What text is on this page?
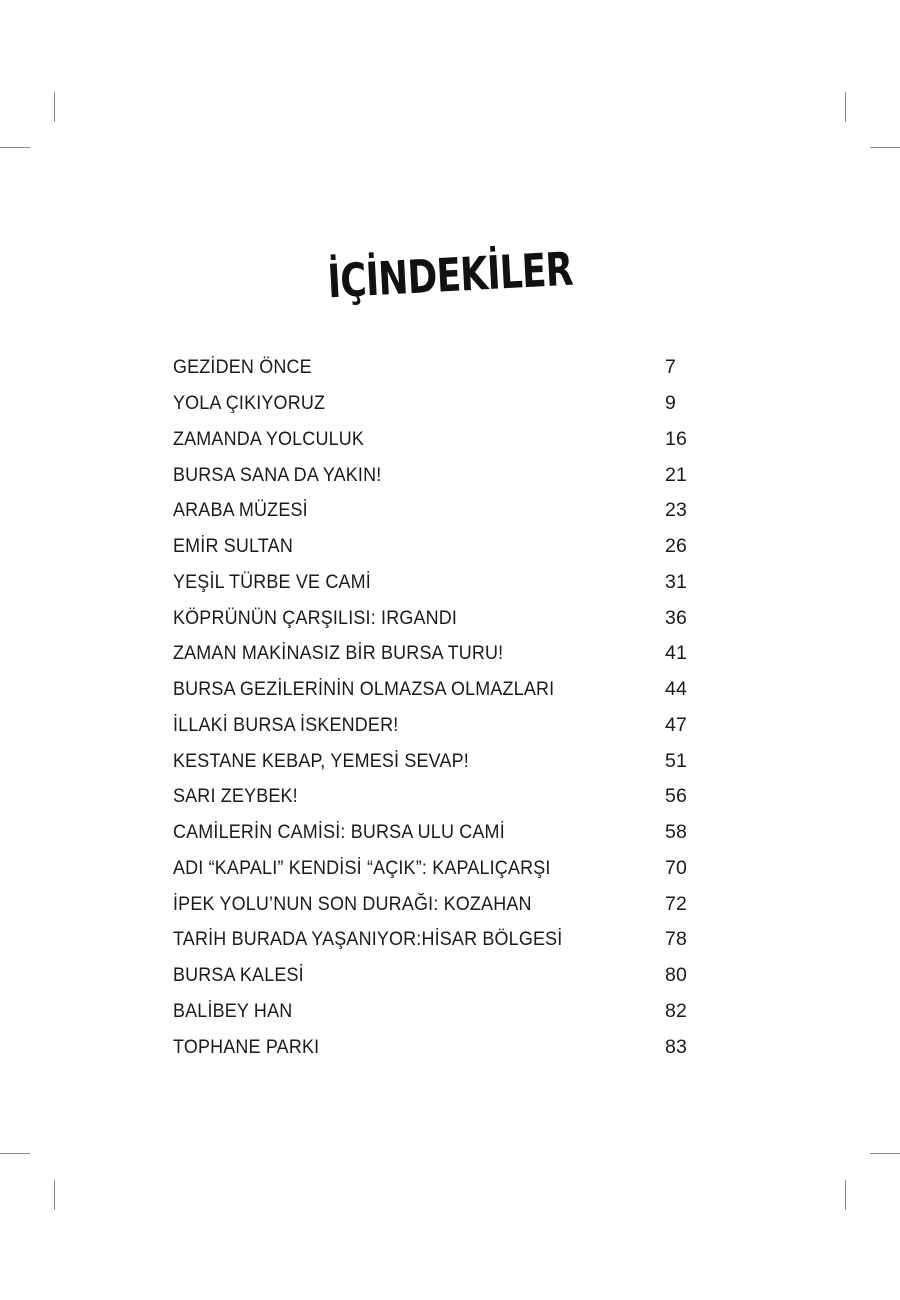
İÇİNDEKİLER
GEZİDEN ÖNCE	7
YOLA ÇIKIYORUZ	9
ZAMANDA YOLCULUK	16
BURSA SANA DA YAKIN!	21
ARABA MÜZESİ	23
EMİR SULTAN	26
YEŞİL TÜRBE VE CAMİ	31
KÖPRÜNÜN ÇARŞILISI: IRGANDI	36
ZAMAN MAKİNASIZ BİR BURSA TURU!	41
BURSA GEZİLERİNİN OLMAZSA OLMAZLARI	44
İLLAKİ BURSA İSKENDER!	47
KESTANE KEBAP, YEMESİ SEVAP!	51
SARI ZEYBEK!	56
CAMİLERİN CAMİSİ: BURSA ULU CAMİ	58
ADI “KAPALI” KENDİSİ “AÇIK”: KAPALIÇARŞI	70
İPEK YOLU’NUN SON DURAĞI: KOZAHAN	72
TARİH BURADA YAŞANIYOR:HİSAR BÖLGESİ	78
BURSA KALESİ	80
BALİBEY HAN	82
TOPHANE PARKI	83
